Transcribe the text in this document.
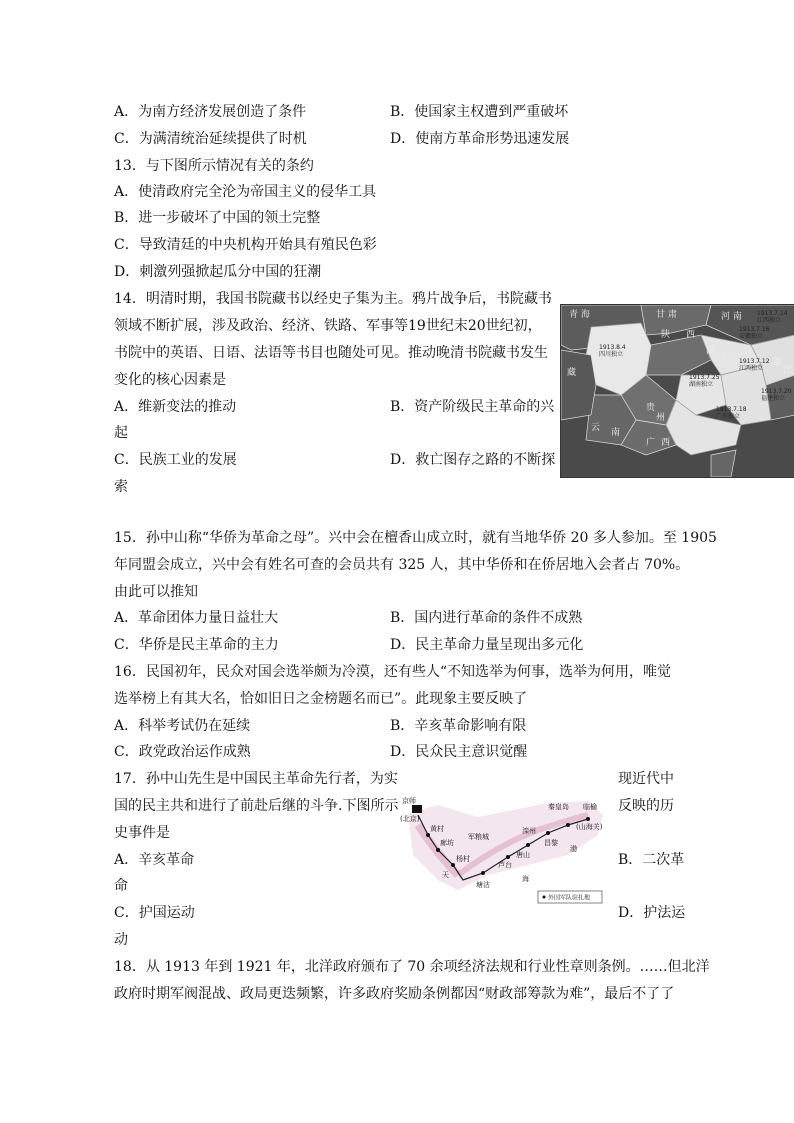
A．为南方经济发展创造了条件	B．使国家主权遭到严重破坏
C．为满清统治延续提供了时机	D．使南方革命形势迅速发展
13．与下图所示情况有关的条约
A．使清政府完全沦为帝国主义的侵华工具
B．进一步破坏了中国的领土完整
C．导致清廷的中央机构开始具有殖民色彩
D．刺激列强掀起瓜分中国的狂潮
14．明清时期，我国书院藏书以经史子集为主。鸦片战争后，书院藏书
领域不断扩展，涉及政治、经济、铁路、军事等19世纪末20世纪初，
书院中的英语、日语、法语等书目也随处可见。推动晚清书院藏书发生
变化的核心因素是
A．维新变法的推动	B．资产阶级民主革命的兴
起
C．民族工业的发展	D．救亡图存之路的不断探
索
青 海	甘 肃
陕 西
河 南
藏
湖
北	浙
江
云 南
贵
州
广 西
1913.7.14
江西独立
1913.7.16
安徽独立
1913.7.12
江西独立
1913.8.4
四川独立
1913.7.25
湖南独立
1913.7.20
福建独立
1913.7.18
广东独立
15．孙中山称“华侨为革命之母”。兴中会在檀香山成立时，就有当地华侨 20 多人参加。至 1905
年同盟会成立，兴中会有姓名可查的会员共有 325 人，其中华侨和在侨居地入会者占 70%。
由此可以推知
A．革命团体力量日益壮大	B．国内进行革命的条件不成熟
C．华侨是民主革命的主力	D．民主革命力量呈现出多元化
16．民国初年，民众对国会选举颇为冷漠，还有些人“不知选举为何事，选举为何用，唯觉
选举榜上有其大名，恰如旧日之金榜题名而已”。此现象主要反映了
A．科举考试仍在延续	B．辛亥革命影响有限
C．政党政治运作成熟	D．民众民主意识觉醒
17．孙中山先生是中国民主革命先行者，为实	现近代中
国的民主共和进行了前赴后继的斗争.下图所示	反映的历
史事件是
A．辛亥革命	B．二次革
命
C．护国运动	D．护法运
动
京师
(北京)
黄村
廊坊
杨村
军粮城
天
塘沽
芦台
唐山
滦州
昌黎
秦皇岛 临榆
(山海关)
渤
海
外国军队驻扎地
18．从 1913 年到 1921 年，北洋政府颁布了 70 余项经济法规和行业性章则条例。……但北洋
政府时期军阀混战、政局更迭频繁，许多政府奖励条例都因“财政部筹款为难”，最后不了了
